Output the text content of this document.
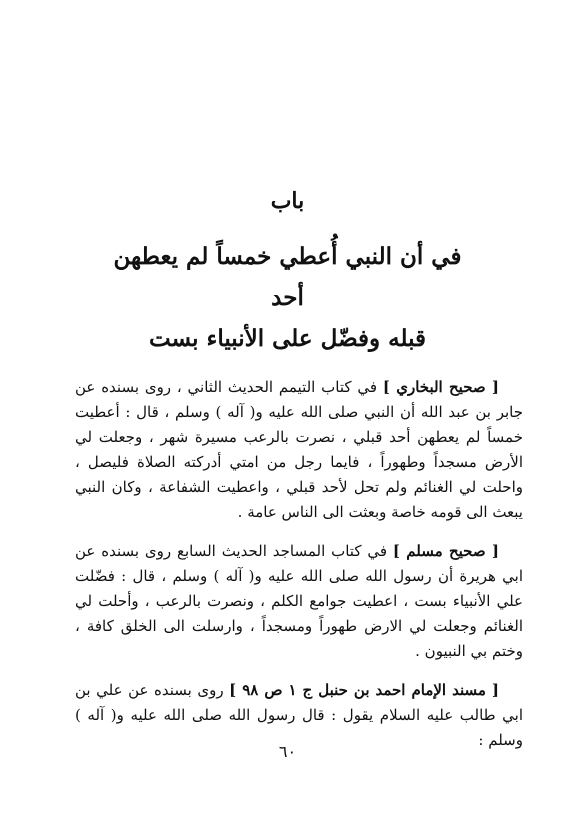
باب
في أن النبي أُعطي خمساً لم يعطهن أحد
قبله وفضّل على الأنبياء بست

[ صحيح البخاري ] في كتاب التيمم الحديث الثاني ، روى بسنده عن جابر بن عبد الله أن النبي صلى الله عليه و( آله ) وسلم ، قال : أعطيت خمساً لم يعطهن أحد قبلي ، نصرت بالرعب مسيرة شهر ، وجعلت لي الأرض مسجداً وطهوراً ، فايما رجل من امتي أدركته الصلاة فليصل ، واحلت لي الغنائم ولم تحل لأحد قبلي ، واعطيت الشفاعة ، وكان النبي يبعث الى قومه خاصة وبعثت الى الناس عامة .

[ صحيح مسلم ] في كتاب المساجد الحديث السابع روى بسنده عن ابي هريرة أن رسول الله صلى الله عليه و( آله ) وسلم ، قال : فضّلت علي الأنبياء بست ، اعطيت جوامع الكلم ، ونصرت بالرعب ، وأحلت لي الغنائم وجعلت لي الارض طهوراً ومسجداً ، وارسلت الى الخلق كافة ، وختم بي النبيون .

[ مسند الإمام احمد بن حنبل ج ١ ص ٩٨ ] روى بسنده عن علي بن ابي طالب عليه السلام يقول : قال رسول الله صلى الله عليه و( آله ) وسلم :

٦٠
